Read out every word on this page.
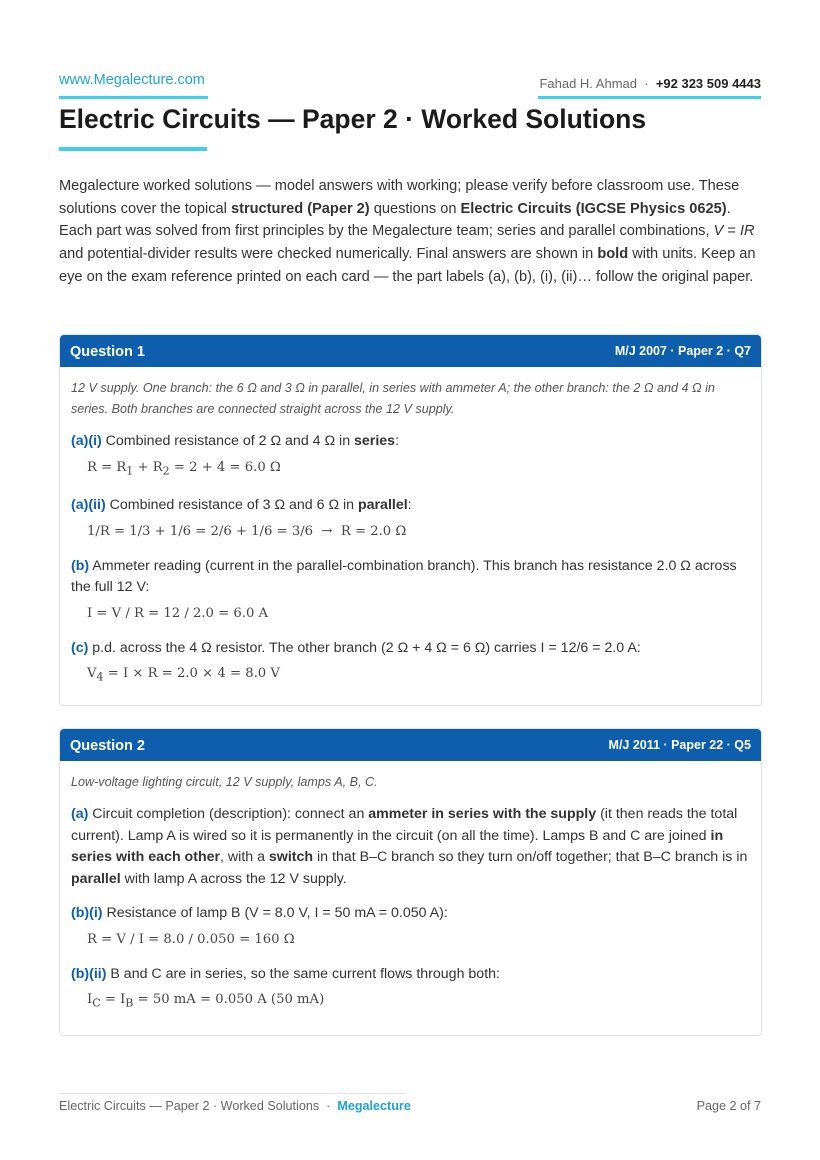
www.Megalecture.com	Fahad H. Ahmad · +92 323 509 4443
Electric Circuits — Paper 2 · Worked Solutions

Megalecture worked solutions — model answers with working; please verify before classroom use. These solutions cover the topical structured (Paper 2) questions on Electric Circuits (IGCSE Physics 0625). Each part was solved from first principles by the Megalecture team; series and parallel combinations, V = IR and potential-divider results were checked numerically. Final answers are shown in bold with units. Keep an eye on the exam reference printed on each card — the part labels (a), (b), (i), (ii)… follow the original paper.

Question 1	M/J 2007 · Paper 2 · Q7

12 V supply. One branch: the 6 Ω and 3 Ω in parallel, in series with ammeter A; the other branch: the 2 Ω and 4 Ω in series. Both branches are connected straight across the 12 V supply.

(a)(i) Combined resistance of 2 Ω and 4 Ω in series:

$R = R_1 + R_2 = 2 + 4 = 6.0$ Ω

(a)(ii) Combined resistance of 3 Ω and 6 Ω in parallel:

1/R = 1/3 + 1/6 = 2/6 + 1/6 = 3/6  →  R = 2.0 Ω

(b) Ammeter reading (current in the parallel-combination branch). This branch has resistance 2.0 Ω across the full 12 V:

I = V / R = 12 / 2.0 = 6.0 A

(c) p.d. across the 4 Ω resistor. The other branch (2 Ω + 4 Ω = 6 Ω) carries I = 12/6 = 2.0 A:

$V_4 = I \times R = 2.0 \times 4 = 8.0$ V
Question 2	M/J 2011 · Paper 22 · Q5

Low-voltage lighting circuit, 12 V supply, lamps A, B, C.

(a) Circuit completion (description): connect an ammeter in series with the supply (it then reads the total current). Lamp A is wired so it is permanently in the circuit (on all the time). Lamps B and C are joined in series with each other, with a switch in that B–C branch so they turn on/off together; that B–C branch is in parallel with lamp A across the 12 V supply.

(b)(i) Resistance of lamp B (V = 8.0 V, I = 50 mA = 0.050 A):

R = V / I = 8.0 / 0.050 = 160 Ω

(b)(ii) B and C are in series, so the same current flows through both:

$I_C = I_B = 50$ mA = 0.050 A (50 mA)
Electric Circuits — Paper 2 · Worked Solutions · Megalecture	Page 2 of 7
